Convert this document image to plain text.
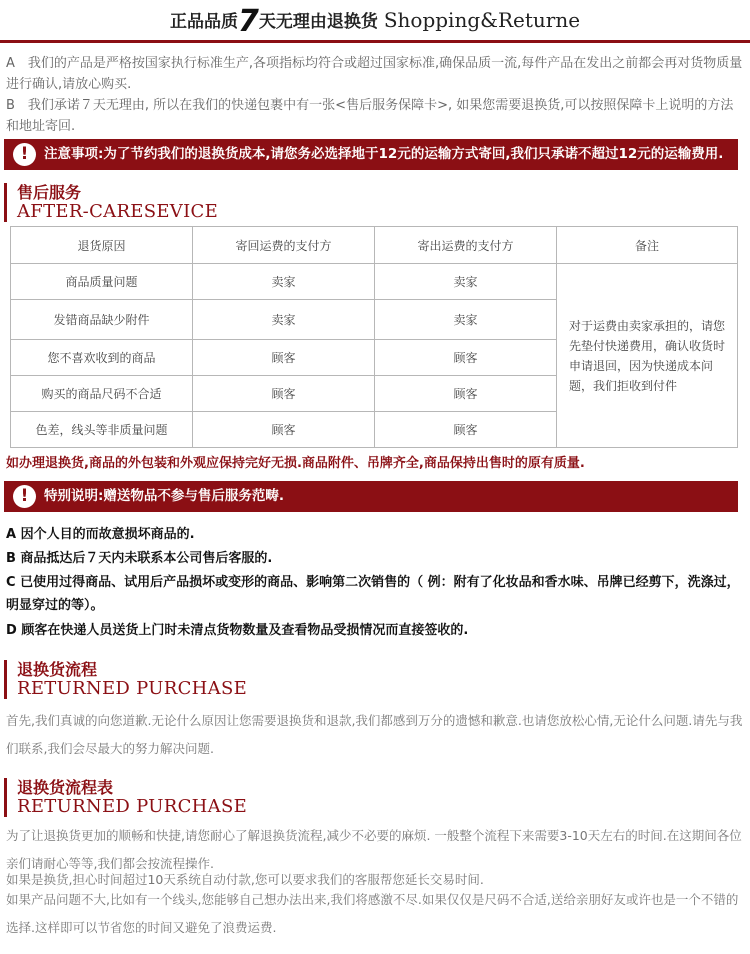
正品品质7天无理由退换货 Shopping&Returne
A　我们的产品是严格按国家执行标准生产,各项指标均符合或超过国家标准,确保品质一流,每件产品在发出之前都会再对货物质量进行确认,请放心购买.
B　我们承诺７天无理由, 所以在我们的快递包裹中有一张<售后服务保障卡>, 如果您需要退换货,可以按照保障卡上说明的方法和地址寄回.
!	注意事项:为了节约我们的退换货成本,请您务必选择地于12元的运输方式寄回,我们只承诺不超过12元的运输费用.
售后服务
AFTER-CARESEVICE
退货原因	寄回运费的支付方	寄出运费的支付方	备注
商品质量问题	卖家	卖家	对于运费由卖家承担的，请您先垫付快递费用，确认收货时申请退回，因为快递成本问题，我们拒收到付件
发错商品缺少附件	卖家	卖家	
您不喜欢收到的商品	顾客	顾客	
购买的商品尺码不合适	顾客	顾客	
色差，线头等非质量问题	顾客	顾客	
如办理退换货,商品的外包装和外观应保持完好无损.商品附件、吊牌齐全,商品保持出售时的原有质量.
!	特别说明:赠送物品不参与售后服务范畴.
A 因个人目的而故意损坏商品的.
B 商品抵达后７天内未联系本公司售后客服的.
C 已使用过得商品、试用后产品损坏或变形的商品、影响第二次销售的（ 例：附有了化妆品和香水味、吊牌已经剪下，洗涤过，明显穿过的等）。
D 顾客在快递人员送货上门时未清点货物数量及查看物品受损情况而直接签收的.
退换货流程
RETURNED PURCHASE
首先,我们真诚的向您道歉.无论什么原因让您需要退换货和退款,我们都感到万分的遗憾和歉意.也请您放松心情,无论什么问题.请先与我们联系,我们会尽最大的努力解决问题.
退换货流程表
RETURNED PURCHASE
为了让退换货更加的顺畅和快捷,请您耐心了解退换货流程,减少不必要的麻烦. 一般整个流程下来需要3-10天左右的时间.在这期间各位亲们请耐心等等,我们都会按流程操作.
如果是换货,担心时间超过10天系统自动付款,您可以要求我们的客服帮您延长交易时间.
如果产品问题不大,比如有一个线头,您能够自己想办法出来,我们将感激不尽.如果仅仅是尺码不合适,送给亲朋好友或许也是一个不错的选择.这样即可以节省您的时间又避免了浪费运费.
